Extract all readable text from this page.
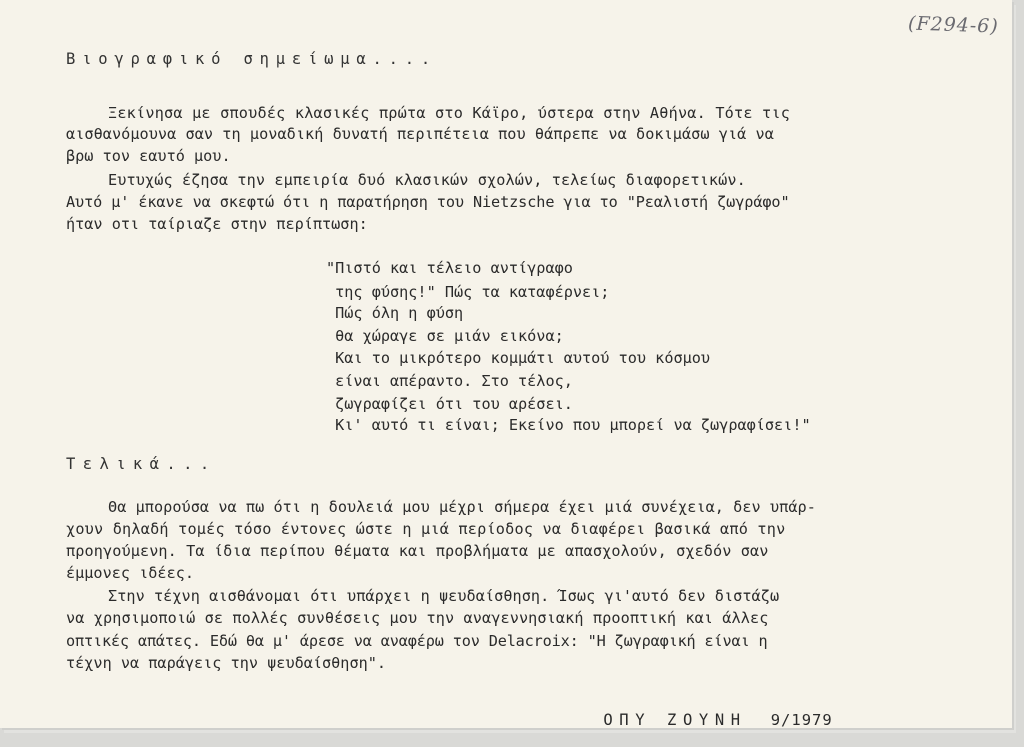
(F294-6)
Βιογραφικό σημείωμα....
Ξεκίνησα με σπουδές κλασικές πρώτα στο Κάϊρο, ύστερα στην Αθήνα. Τότε τις
αισθανόμουνα σαν τη μοναδική δυνατή περιπέτεια που θάπρεπε να δοκιμάσω γιά να
βρω τον εαυτό μου.
Ευτυχώς έζησα την εμπειρία δυό κλασικών σχολών, τελείως διαφορετικών.
Αυτό μ' έκανε να σκεφτώ ότι η παρατήρηση του Nietzsche για το "Ρεαλιστή ζωγράφο"
ήταν οτι ταίριαζε στην περίπτωση:
"Πιστό και τέλειο αντίγραφο
της φύσης!" Πώς τα καταφέρνει;
Πώς όλη η φύση
θα χώραγε σε μιάν εικόνα;
Και το μικρότερο κομμάτι αυτού του κόσμου
είναι απέραντο. Στο τέλος,
ζωγραφίζει ότι του αρέσει.
Κι' αυτό τι είναι; Εκείνο που μπορεί να ζωγραφίσει!"
Τελικά...
Θα μπορούσα να πω ότι η δουλειά μου μέχρι σήμερα έχει μιά συνέχεια, δεν υπάρ-
χουν δηλαδή τομές τόσο έντονες ώστε η μιά περίοδος να διαφέρει βασικά από την
προηγούμενη. Τα ίδια περίπου θέματα και προβλήματα με απασχολούν, σχεδόν σαν
έμμονες ιδέες.
Στην τέχνη αισθάνομαι ότι υπάρχει η ψευδαίσθηση. Ίσως γι'αυτό δεν διστάζω
να χρησιμοποιώ σε πολλές συνθέσεις μου την αναγεννησιακή προοπτική και άλλες
οπτικές απάτες. Εδώ θα μ' άρεσε να αναφέρω τον Delacroix: "Η ζωγραφική είναι η
τέχνη να παράγεις την ψευδαίσθηση".

ΟΠΥ ΖΟΥΝΗ 9/1979
